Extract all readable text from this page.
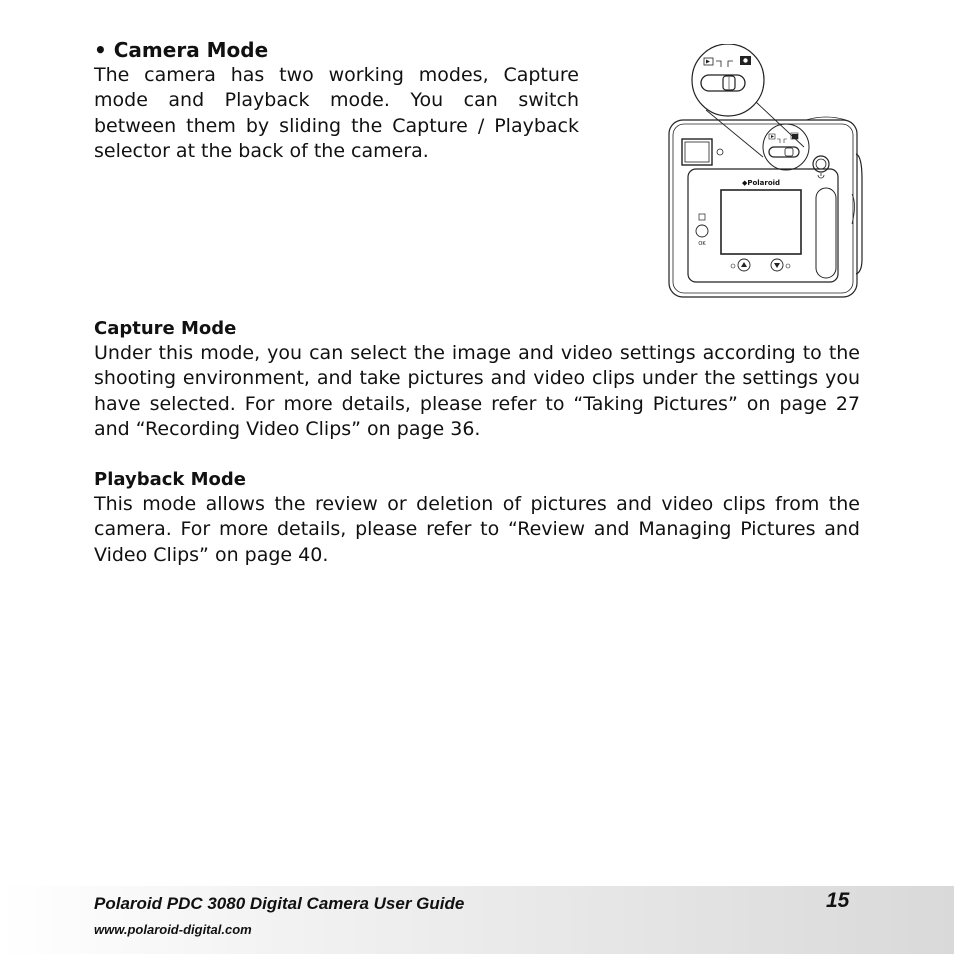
• Camera Mode

The camera has two working modes, Capture mode and Playback mode. You can switch between them by sliding the Capture / Playback selector at the back of the camera.

◆Polaroid
OK
Capture Mode

Under this mode, you can select the image and video settings according to the shooting environment, and take pictures and video clips under the settings you have selected. For more details, please refer to “Taking Pictures” on page 27 and “Recording Video Clips” on page 36.

Playback Mode

This mode allows the review or deletion of pictures and video clips from the camera. For more details, please refer to “Review and Managing Pictures and Video Clips” on page 40.

Polaroid PDC 3080 Digital Camera User Guide	15
www.polaroid-digital.com
